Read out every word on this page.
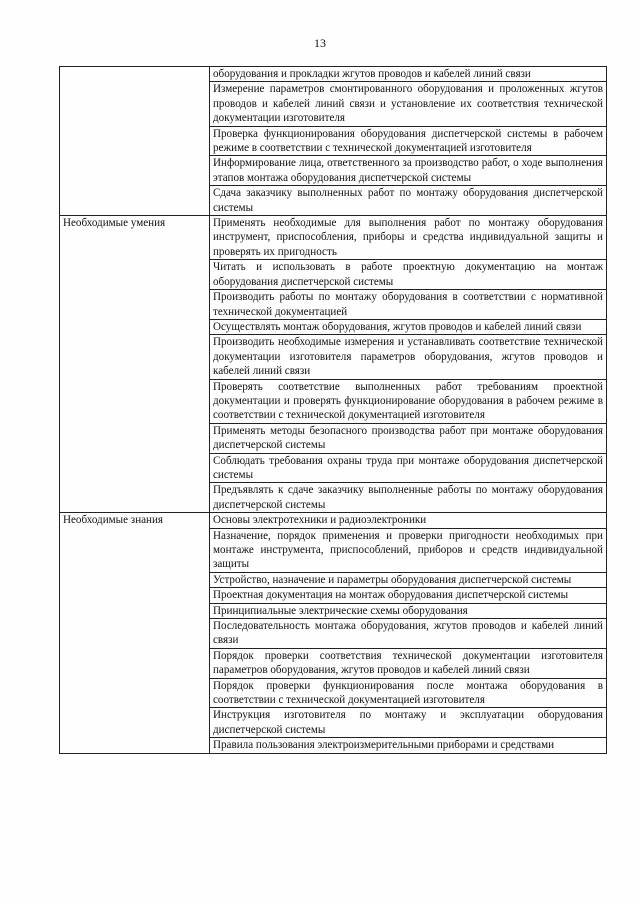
13
	оборудования и прокладки жгутов проводов и кабелей линий связи
	Измерение параметров смонтированного оборудования и проложенных жгутов проводов и кабелей линий связи и установление их соответствия технической документации изготовителя
	Проверка функционирования оборудования диспетчерской системы в рабочем режиме в соответствии с технической документацией изготовителя
	Информирование лица, ответственного за производство работ, о ходе выполнения этапов монтажа оборудования диспетчерской системы
	Сдача заказчику выполненных работ по монтажу оборудования диспетчерской системы
Необходимые умения	Применять необходимые для выполнения работ по монтажу оборудования инструмент, приспособления, приборы и средства индивидуальной защиты и проверять их пригодность
	Читать и использовать в работе проектную документацию на монтаж оборудования диспетчерской системы
	Производить работы по монтажу оборудования в соответствии с нормативной технической документацией
	Осуществлять монтаж оборудования, жгутов проводов и кабелей линий связи
	Производить необходимые измерения и устанавливать соответствие технической документации изготовителя параметров оборудования, жгутов проводов и кабелей линий связи
	Проверять соответствие выполненных работ требованиям проектной документации и проверять функционирование оборудования в рабочем режиме в соответствии с технической документацией изготовителя
	Применять методы безопасного производства работ при монтаже оборудования диспетчерской системы
	Соблюдать требования охраны труда при монтаже оборудования диспетчерской системы
	Предъявлять к сдаче заказчику выполненные работы по монтажу оборудования диспетчерской системы
Необходимые знания	Основы электротехники и радиоэлектроники
	Назначение, порядок применения и проверки пригодности необходимых при монтаже инструмента, приспособлений, приборов и средств индивидуальной защиты
	Устройство, назначение и параметры оборудования диспетчерской системы
	Проектная документация на монтаж оборудования диспетчерской системы
	Принципиальные электрические схемы оборудования
	Последовательность монтажа оборудования, жгутов проводов и кабелей линий связи
	Порядок проверки соответствия технической документации изготовителя параметров оборудования, жгутов проводов и кабелей линий связи
	Порядок проверки функционирования после монтажа оборудования в соответствии с технической документацией изготовителя
	Инструкция изготовителя по монтажу и эксплуатации оборудования диспетчерской системы
	Правила пользования электроизмерительными приборами и средствами
